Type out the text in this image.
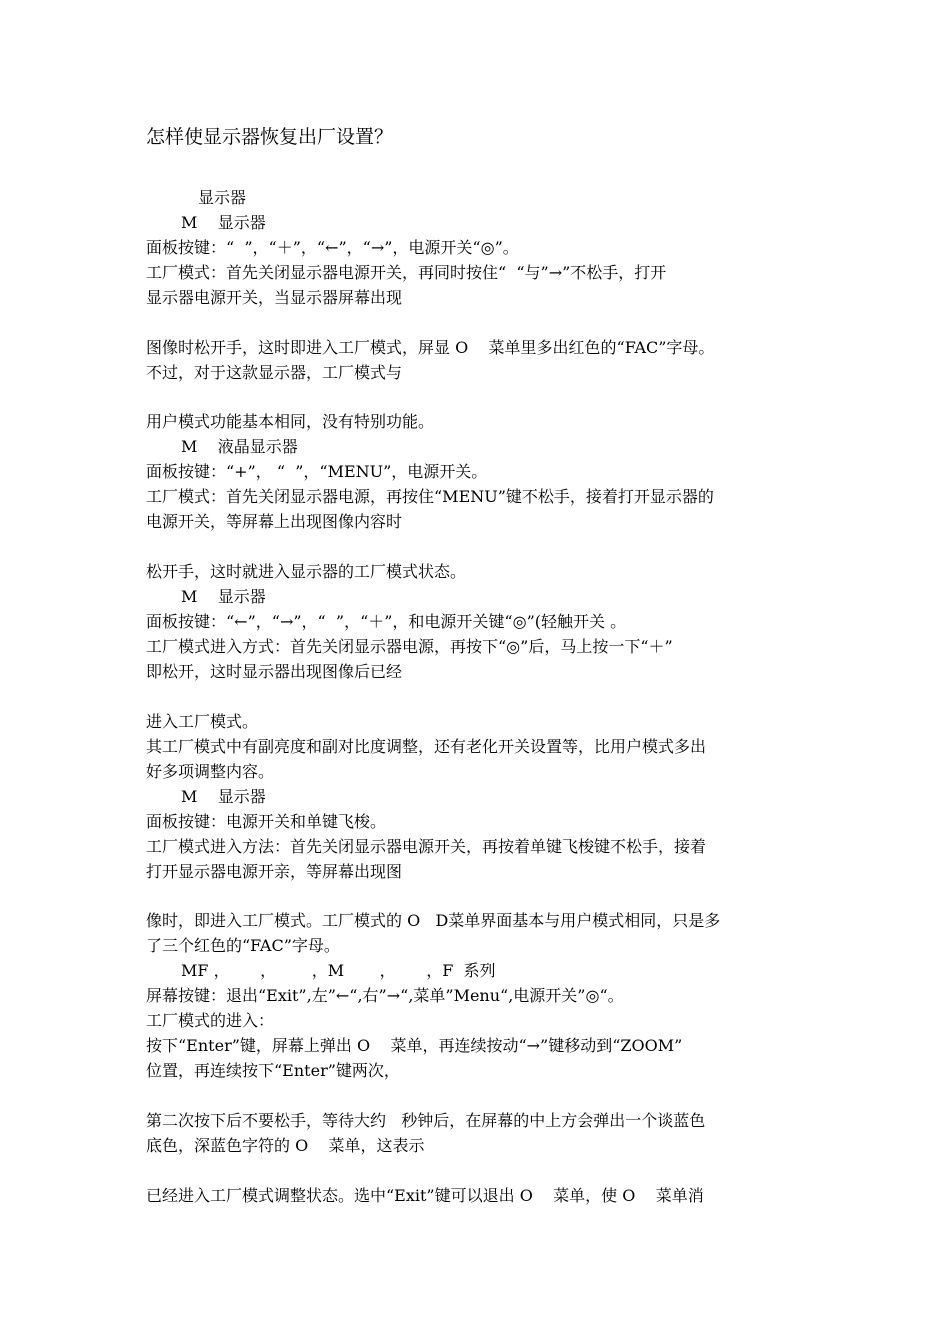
怎样使显示器恢复出厂设置？
显示器
M    显示器
面板按键：“  ”，“＋”，“←”，“→”，电源开关“◎”。
工厂模式：首先关闭显示器电源开关，再同时按住“  “与”→”不松手，打开
显示器电源开关，当显示器屏幕出现
图像时松开手，这时即进入工厂模式，屏显 O    菜单里多出红色的“FAC”字母。
不过，对于这款显示器，工厂模式与
用户模式功能基本相同，没有特别功能。
M    液晶显示器
面板按键：“+”， “  ”，“MENU”，电源开关。
工厂模式：首先关闭显示器电源，再按住“MENU”键不松手，接着打开显示器的
电源开关，等屏幕上出现图像内容时
松开手，这时就进入显示器的工厂模式状态。
M    显示器
面板按键：“←”，“→”，“  ”，“＋”，和电源开关键“◎”(轻触开关 。
工厂模式进入方式：首先关闭显示器电源，再按下“◎”后，马上按一下“＋”
即松开，这时显示器出现图像后已经
进入工厂模式。
其工厂模式中有副亮度和副对比度调整，还有老化开关设置等，比用户模式多出
好多项调整内容。
M    显示器
面板按键：电源开关和单键飞梭。
工厂模式进入方法：首先关闭显示器电源开关，再按着单键飞梭键不松手，接着
打开显示器电源开亲，等屏幕出现图
像时，即进入工厂模式。工厂模式的 O   D菜单界面基本与用户模式相同，只是多
了三个红色的“FAC”字母。
MF ，      ，       ，M       ，      ，F  系列
屏幕按键：退出“Exit”,左”←“,右”→“,菜单”Menu“,电源开关”◎“。
工厂模式的进入：
按下“Enter”键，屏幕上弹出 O    菜单，再连续按动“→”键移动到“ZOOM”
位置，再连续按下“Enter”键两次，
第二次按下后不要松手，等待大约   秒钟后，在屏幕的中上方会弹出一个谈蓝色
底色，深蓝色字符的 O    菜单，这表示
已经进入工厂模式调整状态。选中“Exit”键可以退出 O    菜单，使 O    菜单消
